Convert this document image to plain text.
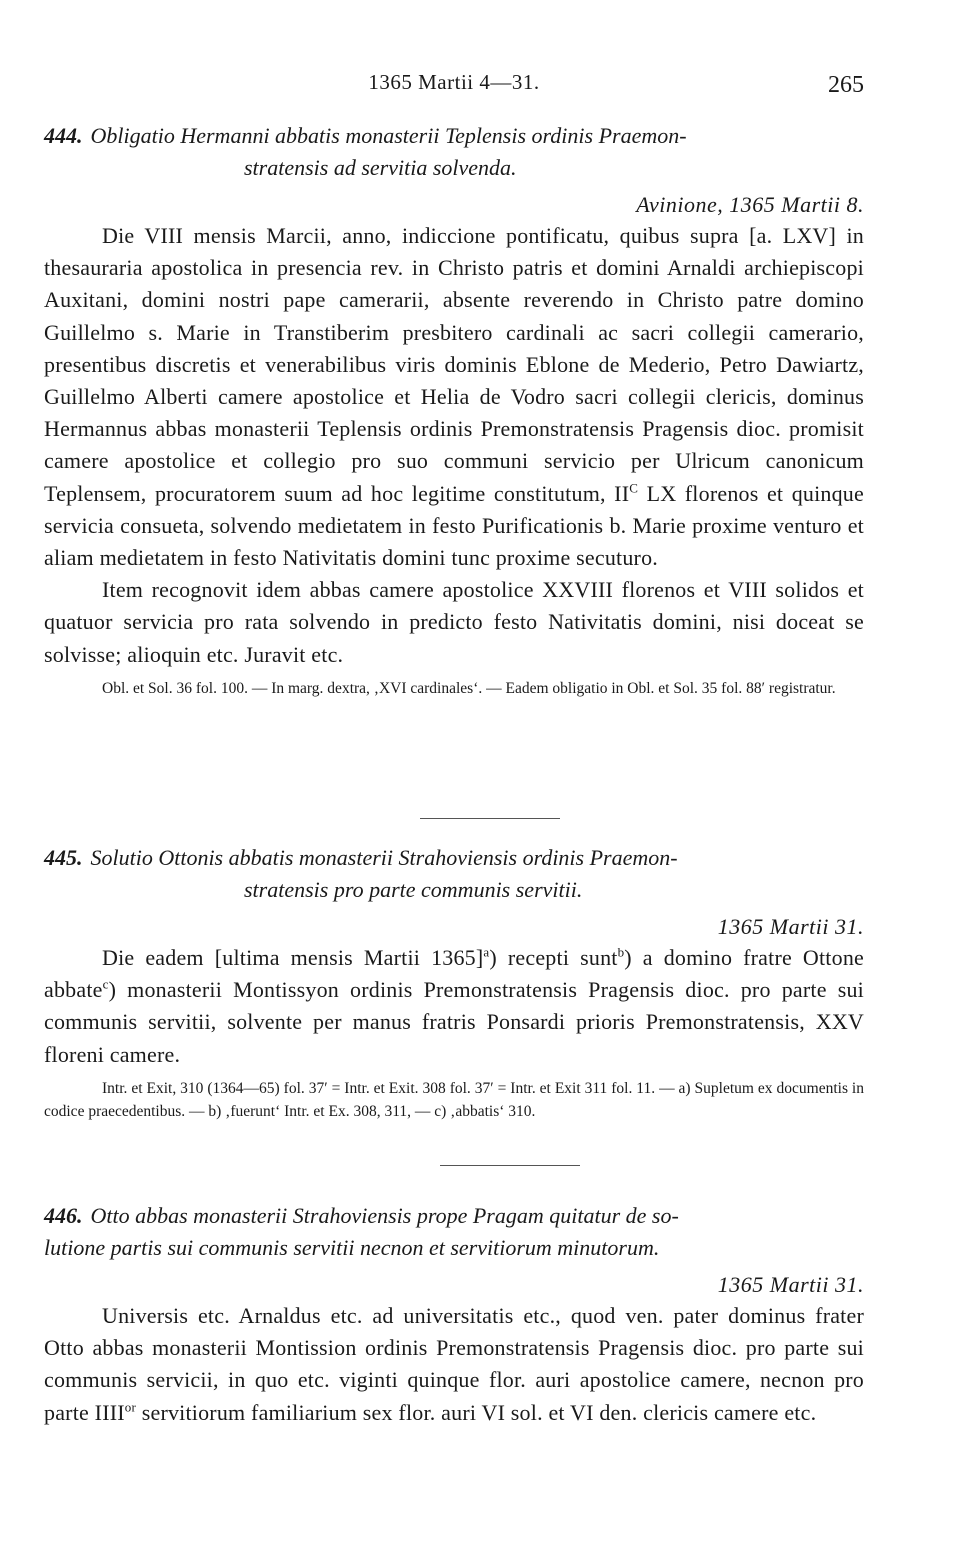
1365 Martii 4—31.	265

444. Obligatio Hermanni abbatis monasterii Teplensis ordinis Praemon-
stratensis ad servitia solvenda.

Avinione, 1365 Martii 8.

Die VIII mensis Marcii, anno, indiccione pontificatu, quibus supra [a. LXV] in thesauraria apostolica in presencia rev. in Christo patris et domini Arnaldi archiepiscopi Auxitani, domini nostri pape camerarii, absente reverendo in Christo patre domino Guillelmo s. Marie in Transtiberim presbitero cardinali ac sacri collegii camerario, presentibus discretis et venerabilibus viris dominis Eblone de Mederio, Petro Dawiartz, Guillelmo Alberti camere apostolice et Helia de Vodro sacri collegii clericis, dominus Hermannus abbas monasterii Teplensis ordinis Premonstratensis Pragensis dioc. promisit camere apostolice et collegio pro suo communi servicio per Ulricum canonicum Teplensem, procuratorem suum ad hoc legitime constitutum, $II^C$ LX florenos et quinque servicia consueta, solvendo medietatem in festo Purificationis b. Marie proxime venturo et aliam medietatem in festo Nativitatis domini tunc proxime secuturo.

Item recognovit idem abbas camere apostolice XXVIII florenos et VIII solidos et quatuor servicia pro rata solvendo in predicto festo Nativitatis domini, nisi doceat se solvisse; alioquin etc. Juravit etc.

Obl. et Sol. 36 fol. 100. — In marg. dextra, ‚XVI cardinales‘. — Eadem obligatio in Obl. et Sol. 35 fol. 88′ registratur.

445. Solutio Ottonis abbatis monasterii Strahoviensis ordinis Praemon-
stratensis pro parte communis servitii.

1365 Martii 31.

Die eadem [ultima mensis Martii 1365]$^a$) recepti sunt$^b$) a domino fratre Ottone abbate$^c$) monasterii Montissyon ordinis Premonstratensis Pragensis dioc. pro parte sui communis servitii, solvente per manus fratris Ponsardi prioris Premonstratensis, XXV floreni camere.

Intr. et Exit, 310 (1364—65) fol. 37′ = Intr. et Exit. 308 fol. 37′ = Intr. et Exit 311 fol. 11. — a) Supletum ex documentis in codice praecedentibus. — b) ‚fuerunt‘ Intr. et Ex. 308, 311, — c) ‚abbatis‘ 310.

446. Otto abbas monasterii Strahoviensis prope Pragam quitatur de so-
lutione partis sui communis servitii necnon et servitiorum minutorum.

1365 Martii 31.

Universis etc. Arnaldus etc. ad universitatis etc., quod ven. pater dominus frater Otto abbas monasterii Montission ordinis Premonstratensis Pragensis dioc. pro parte sui communis servicii, in quo etc. viginti quinque flor. auri apostolice camere, necnon pro parte $IIII^{or}$ servitiorum familiarium sex flor. auri VI sol. et VI den. clericis camere etc.
